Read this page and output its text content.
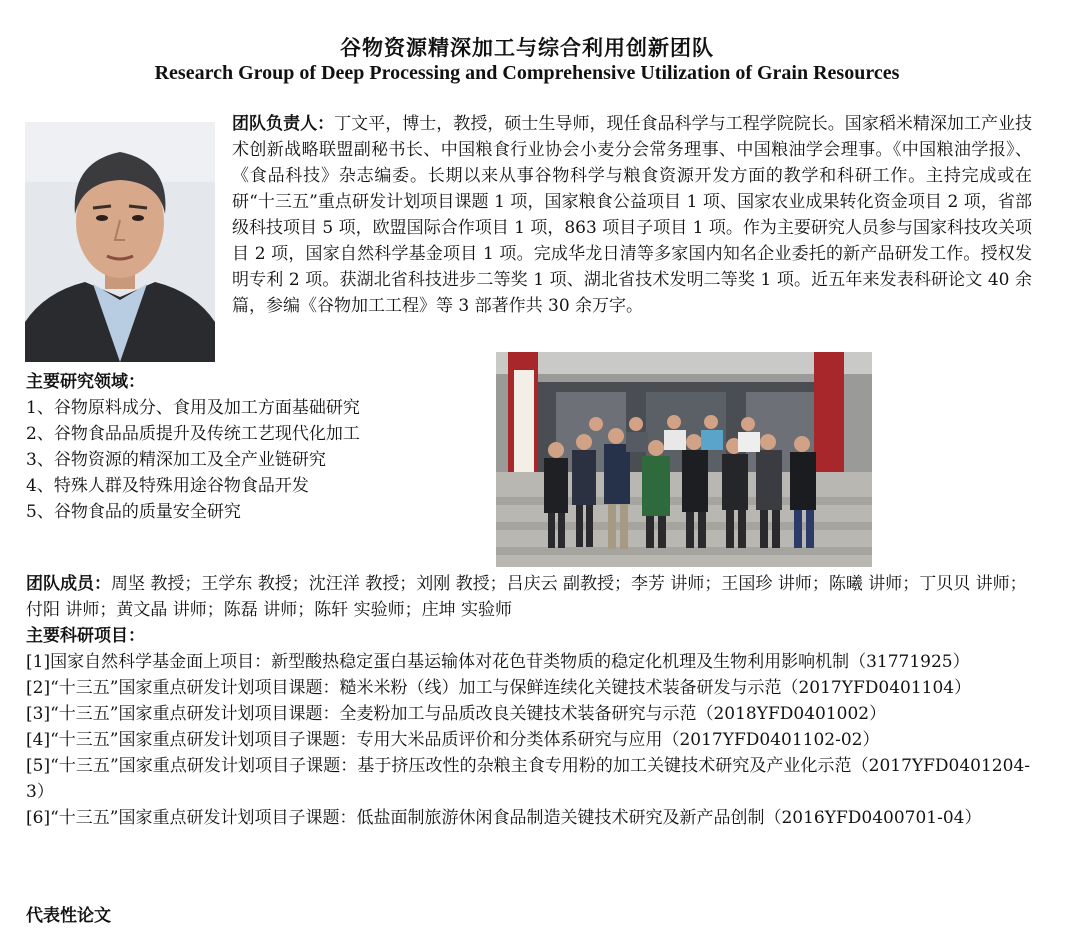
谷物资源精深加工与综合利用创新团队
Research Group of Deep Processing and Comprehensive Utilization of Grain Resources
团队负责人：丁文平，博士，教授，硕士生导师，现任食品科学与工程学院院长。国家稻米精深加工产业技术创新战略联盟副秘书长、中国粮食行业协会小麦分会常务理事、中国粮油学会理事。《中国粮油学报》、《食品科技》杂志编委。长期以来从事谷物科学与粮食资源开发方面的教学和科研工作。主持完成或在研“十三五”重点研发计划项目课题 1 项，国家粮食公益项目 1 项、国家农业成果转化资金项目 2 项，省部级科技项目 5 项，欧盟国际合作项目 1 项，863 项目子项目 1 项。作为主要研究人员参与国家科技攻关项目 2 项，国家自然科学基金项目 1 项。完成华龙日清等多家国内知名企业委托的新产品研发工作。授权发明专利 2 项。获湖北省科技进步二等奖 1 项、湖北省技术发明二等奖 1 项。近五年来发表科研论文 40 余篇，参编《谷物加工工程》等 3 部著作共 30 余万字。
主要研究领域：
1、谷物原料成分、食用及加工方面基础研究
2、谷物食品品质提升及传统工艺现代化加工
3、谷物资源的精深加工及全产业链研究
4、特殊人群及特殊用途谷物食品开发
5、谷物食品的质量安全研究
团队成员：周坚 教授；王学东 教授；沈汪洋 教授；刘刚 教授；吕庆云 副教授；李芳 讲师；王国珍 讲师；陈曦 讲师；丁贝贝 讲师；付阳 讲师；黄文晶 讲师；陈磊 讲师；陈轩 实验师；庄坤 实验师
主要科研项目：

[1]国家自然科学基金面上项目：新型酸热稳定蛋白基运输体对花色苷类物质的稳定化机理及生物利用影响机制（31771925）

[2]“十三五”国家重点研发计划项目课题：糙米米粉（线）加工与保鲜连续化关键技术装备研发与示范（2017YFD0401104）

[3]“十三五”国家重点研发计划项目课题：全麦粉加工与品质改良关键技术装备研究与示范（2018YFD0401002）

[4]“十三五”国家重点研发计划项目子课题：专用大米品质评价和分类体系研究与应用（2017YFD0401102-02）

[5]“十三五”国家重点研发计划项目子课题：基于挤压改性的杂粮主食专用粉的加工关键技术研究及产业化示范（2017YFD0401204-3）

[6]“十三五”国家重点研发计划项目子课题：低盐面制旅游休闲食品制造关键技术研究及新产品创制（2016YFD0400701-04）

代表性论文
